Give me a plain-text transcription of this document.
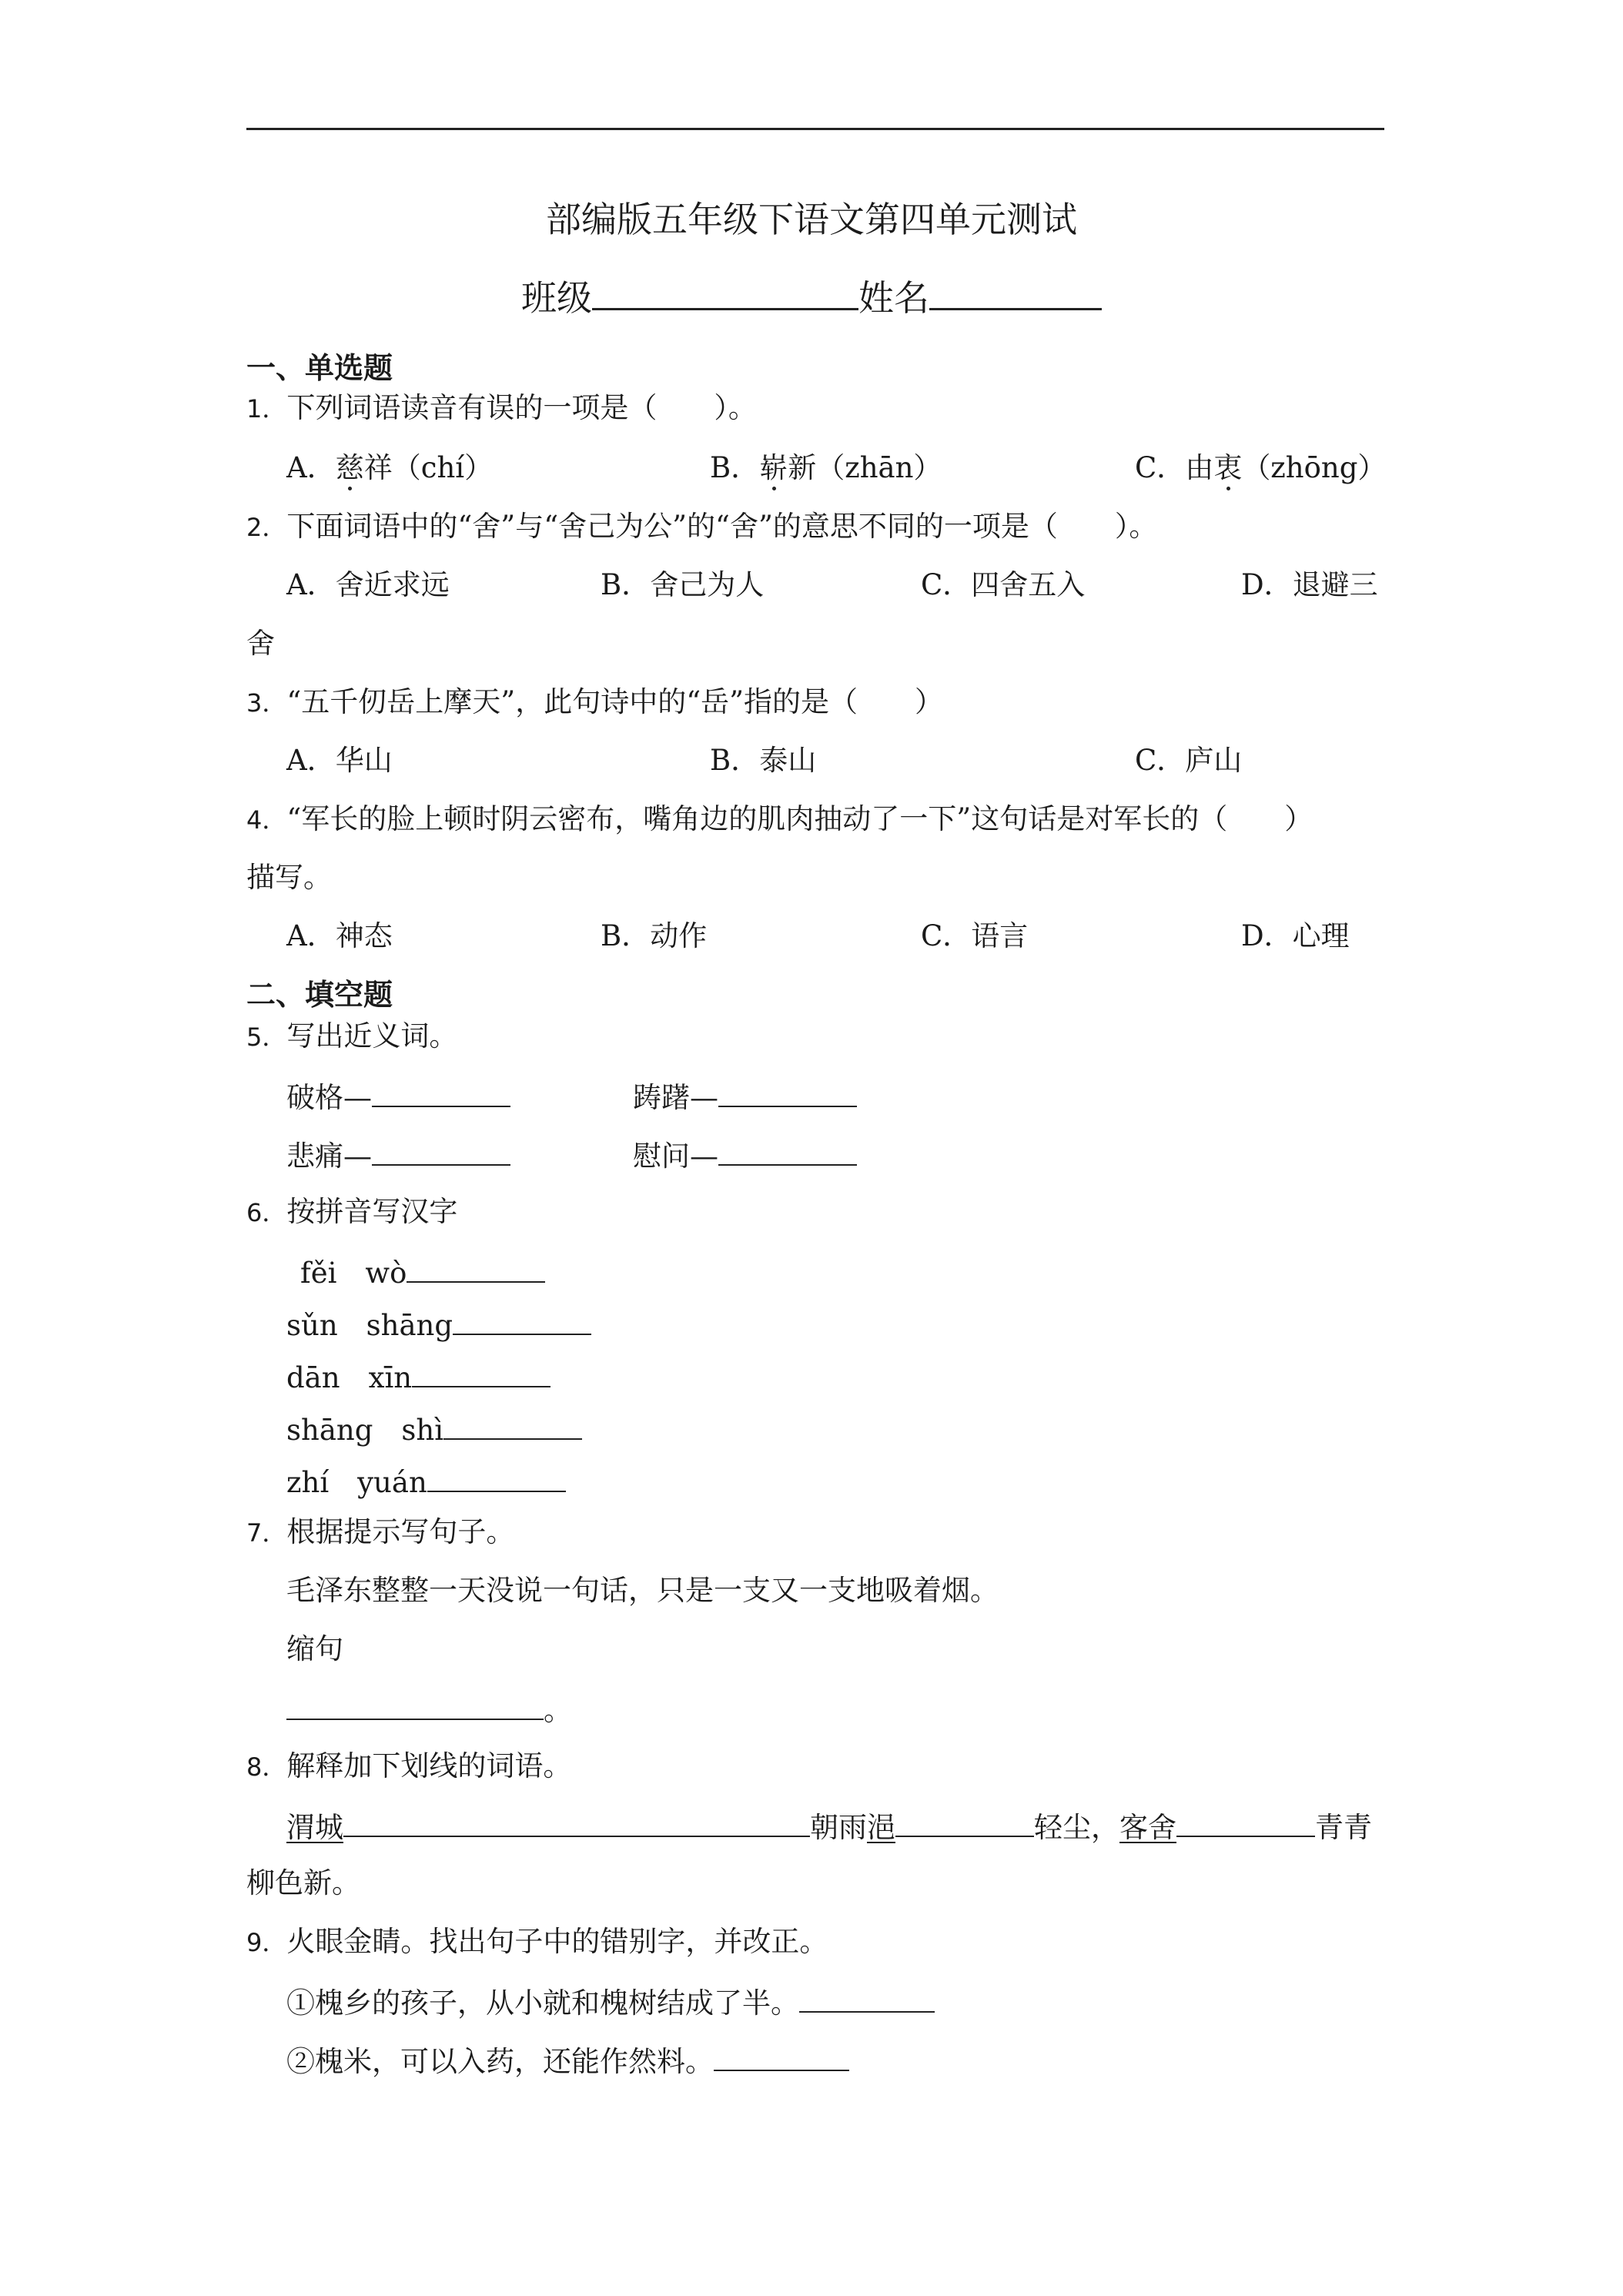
部编版五年级下语文第四单元测试
班级	姓名
一、单选题
1．下列词语读音有误的一项是（　　）。
A．慈祥（chí）	B．崭新（zhān）	C．由衷（zhōng）
2．下面词语中的“舍”与“舍己为公”的“舍”的意思不同的一项是（　　）。
A．舍近求远	B．舍己为人	C．四舍五入	D．退避三
舍
3．“五千仞岳上摩天”，此句诗中的“岳”指的是（　　）
A．华山	B．泰山	C．庐山
4．“军长的脸上顿时阴云密布，嘴角边的肌肉抽动了一下”这句话是对军长的（　　）
描写。
A．神态	B．动作	C．语言	D．心理
二、填空题
5．写出近义词。
破格—	踌躇—
悲痛—	慰问—
6．按拼音写汉字
fěi　wò
sǔn　shāng
dān　xīn
shāng　shì
zhí　yuán
7．根据提示写句子。
毛泽东整整一天没说一句话，只是一支又一支地吸着烟。
缩句
。
8．解释加下划线的词语。
渭城	朝雨浥	轻尘，客舍	青青
柳色新。
9．火眼金睛。找出句子中的错别字，并改正。
①槐乡的孩子，从小就和槐树结成了半。
②槐米，可以入药，还能作然料。
